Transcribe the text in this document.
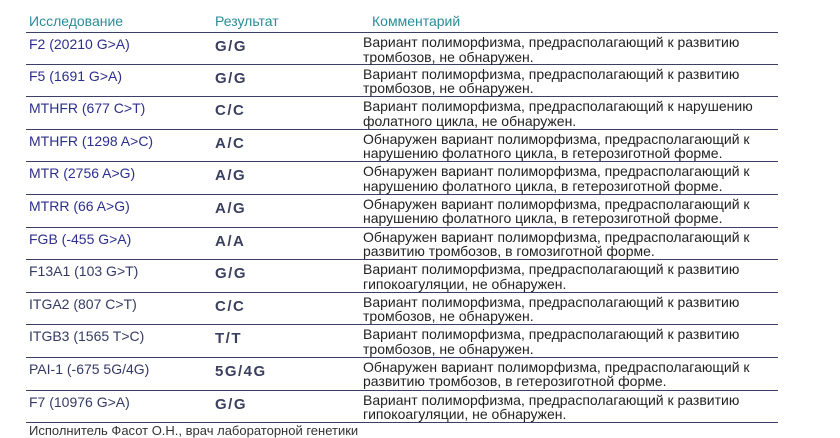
Исследование	Результат	Комментарий
F2 (20210 G>A)	G/G	Вариант полиморфизма, предрасполагающий к развитию
тромбозов, не обнаружен.
F5 (1691 G>A)	G/G	Вариант полиморфизма, предрасполагающий к развитию
тромбозов, не обнаружен.
MTHFR (677 C>T)	C/C	Вариант полиморфизма, предрасполагающий к нарушению
фолатного цикла, не обнаружен.
MTHFR (1298 A>C)	A/C	Обнаружен вариант полиморфизма, предрасполагающий к
нарушению фолатного цикла, в гетерозиготной форме.
MTR (2756 A>G)	A/G	Обнаружен вариант полиморфизма, предрасполагающий к
нарушению фолатного цикла, в гетерозиготной форме.
MTRR (66 A>G)	A/G	Обнаружен вариант полиморфизма, предрасполагающий к
нарушению фолатного цикла, в гетерозиготной форме.
FGB (-455 G>A)	A/A	Обнаружен вариант полиморфизма, предрасполагающий к
развитию тромбозов, в гомозиготной форме.
F13A1 (103 G>T)	G/G	Вариант полиморфизма, предрасполагающий к развитию
гипокоагуляции, не обнаружен.
ITGA2 (807 C>T)	C/C	Вариант полиморфизма, предрасполагающий к развитию
тромбозов, не обнаружен.
ITGB3 (1565 T>C)	T/T	Вариант полиморфизма, предрасполагающий к развитию
тромбозов, не обнаружен.
PAI-1 (-675 5G/4G)	5G/4G	Обнаружен вариант полиморфизма, предрасполагающий к
развитию тромбозов, в гетерозиготной форме.
F7 (10976 G>A)	G/G	Вариант полиморфизма, предрасполагающий к развитию
гипокоагуляции, не обнаружен.
Исполнитель Фасот О.Н., врач лабораторной генетики
